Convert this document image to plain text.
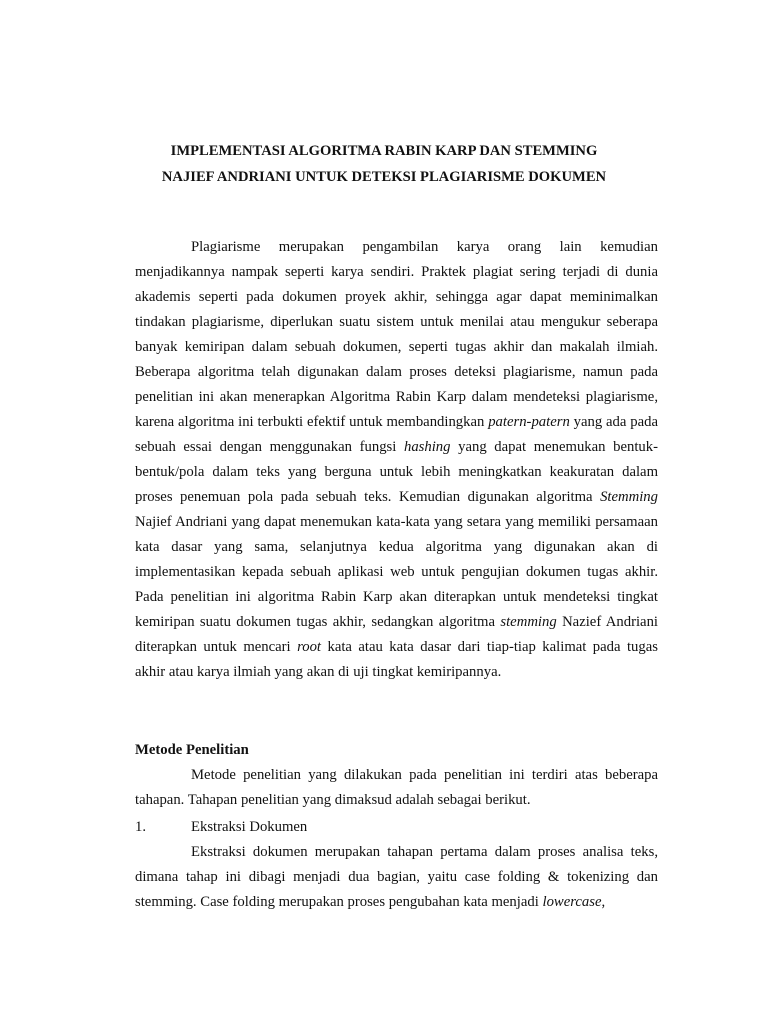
IMPLEMENTASI ALGORITMA RABIN KARP DAN STEMMING
NAJIEF ANDRIANI UNTUK DETEKSI PLAGIARISME DOKUMEN

Plagiarisme merupakan pengambilan karya orang lain kemudian menjadikannya nampak seperti karya sendiri. Praktek plagiat sering terjadi di dunia akademis seperti pada dokumen proyek akhir, sehingga agar dapat meminimalkan tindakan plagiarisme, diperlukan suatu sistem untuk menilai atau mengukur seberapa banyak kemiripan dalam sebuah dokumen, seperti tugas akhir dan makalah ilmiah. Beberapa algoritma telah digunakan dalam proses deteksi plagiarisme, namun pada penelitian ini akan menerapkan Algoritma Rabin Karp dalam mendeteksi plagiarisme, karena algoritma ini terbukti efektif untuk membandingkan patern-patern yang ada pada sebuah essai dengan menggunakan fungsi hashing yang dapat menemukan bentuk-bentuk/pola dalam teks yang berguna untuk lebih meningkatkan keakuratan dalam proses penemuan pola pada sebuah teks. Kemudian digunakan algoritma Stemming Najief Andriani yang dapat menemukan kata-kata yang setara yang memiliki persamaan kata dasar yang sama, selanjutnya kedua algoritma yang digunakan akan di implementasikan kepada sebuah aplikasi web untuk pengujian dokumen tugas akhir. Pada penelitian ini algoritma Rabin Karp akan diterapkan untuk mendeteksi tingkat kemiripan suatu dokumen tugas akhir, sedangkan algoritma stemming Nazief Andriani diterapkan untuk mencari root kata atau kata dasar dari tiap-tiap kalimat pada tugas akhir atau karya ilmiah yang akan di uji tingkat kemiripannya.

Metode Penelitian

Metode penelitian yang dilakukan pada penelitian ini terdiri atas beberapa tahapan. Tahapan penelitian yang dimaksud adalah sebagai berikut.

1.	Ekstraksi Dokumen

Ekstraksi dokumen merupakan tahapan pertama dalam proses analisa teks, dimana tahap ini dibagi menjadi dua bagian, yaitu case folding & tokenizing dan stemming. Case folding merupakan proses pengubahan kata menjadi lowercase,
